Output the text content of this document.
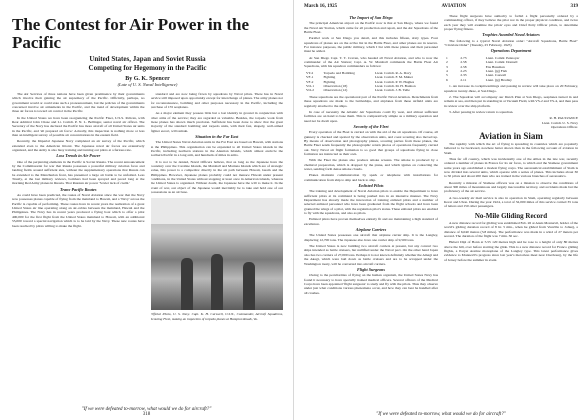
The Contest for Air Power in the Pacific
United States, Japan and Soviet Russia
Competing for Hegemony in the Pacific
By G. K. Spencer
(Late of U. S. Naval Intelligence)

The Air Services of three nations have been given prominence by their governments which involve their gaining the air supremacy of the Pacific. Officially, perhaps, no government would or could state such a pronouncement, but the policies of the governments concerned involve air armaments in the Pacific, and the trend of development within the three air forces is toward air control in the Pacific.

In the United States we have been reorganizing the Pacific Fleet, U.S.S. Pelican, with Rear Admiral John Chase and Lt. Comdr. P. N. L. Bellinger, senior naval air officer. The Secretary of the Navy has declared the Pacific has more aircraft of all United States air units in the Pacific, and 'all prepared air force.' Actually, this inspection is nothing more or less than an intelligent survey of possible air concentrations in the eastern field.

Recently, the Imperial Japanese Navy completed an air survey of the Pacific, which extended even to the American littoral. The Japanese naval air forces are extensively organized, and the Army is also busy training and turning out pilots at a furious rate.

Loss Trends in Air Power

One of the perplexing elements in the Pacific is Soviet Russia. The recent announcement by the Commissariat for war that Russia possesses a powerful military aviation force and landing fields around sufficient size, without the supplementary operations that Russia can be extended to the Manchurian front, has presented a large air battle to be unfolded. Less Trustly, at the last military reviews, bombers had been sprayed and paced long at the morning Red Army planes in Russia. That Russian air power 'Soviet lack of credit.'

Trans-Pacific Routes

As could have been predicted, the routes of Naval Aviation since the war that the Navy now possesses planes capable of flying from the mainland to Hawaii, and a 'Navy' across the Pacific is capable of performing. These routes have in recent years the realization of a great United States air line operating along an air-cables between the mainland, Hawaii and the Philippines. The Navy has in recent years produced a flying boat which to offer a pilot 400,000 for the first flight from the United States mainland to Hawaii, with an additional 55,000 toward a special navigation which is to be laid by the Navy. These new routes have been reached by pilots willing to make the flight.

standard and are now being flown by squadrons by Naval pilots. There has in Naval service still imposed upon opportunity except for interchange of planes. The army planes not for reconnaissance, bombing and other purposes necessary in the Pacific, including the purchase of 155 seaplanes.

As a major element they possess little but a lost identity in ground in conjunction with other arms of the service; they are regarded as valuable. Besides, the torpedo work from these planes has shown much precision. Sufficient has been done to show that the great majority of the standard bombing and torpedo units, with their fast, shapely, well-armed fighter escort, will remain.

Situation in the Far East

The United States Naval Aviation units in the Far East are based on Hawaii, with stations in the Philippines. This organization can be expanded to all United States islands in the Pacific, including northern stations in the Aleutian Islands, which almost encircle the northern Pacific in a long arm, and hundreds of miles in arms.

It is not to be denied, Naval Officers believe, that as long as the Japanese have the boundary over the Caroline Islands, the Marshall and Mariana Islands which are of strategic value, this power is a competitor directly in the air path between Hawaii, Guam and the Philippines. However, Japanese planes probably could not menace Hawaii under present conditions, in the United States without stopping at least once in American islands, whereas the United States is organized. Without doubt, the Japanese have the will to make it. In the event of war, our object of the Japanese would inevitably be to take and hold one of our possessions as an air base.

Official Photo, U. S. Navy. Capt. K. H. Carswell, U.S.N., Commander, Aircraft Squadrons, Scouting Fleet, making an inspection of torpedo planes at Hampton Roads, Va.
"If we were defeated to-morrow, what would we do for aircraft?"
318
March 16, 1925	AVIATION	319
The Import of San Diego

The principal American airport on the Pacific now is that at San Diego, where we found the Naval Air Station, which came for all production and repair, and the Air Squadrons of the Battle Fleet.

Parallel work at San Diego you detail, and this includes fifteen, sixty types. Four squadrons of planes are on the active list in the Battle Fleet, and other planes are in reserve. For instance purposes, the public military, which I list with these planes and their personnel must be added.

At San Diego Capt. T. T. Craven, who headed all Naval Aviation, and who is now the commander of the Air Station; Capt. A. W. Marshall commands the Battle Fleet Air Squadrons, with his squadron commanders as follows:

VT-2	Torpedo and Bombing	Lieut. Comdr. R. A. Davy
VF-1	Fighting	Lieut. Comdr. F. M. Maher
VF-2	Fighting	Lieut. Comdr. P. W. Hughes
VO-1	Observation (18)	Lieut. Comdr. M. H. Bonhon
VO-2	Observation (12)	Lieut. Comdr. J. B. Tulle

These squadrons are the operational part of the Pacific Naval Aviation. Detachments from these squadrons are made to the battleships, and airplanes from these airfield units are regularly attached to the ships.

In case of necessity the Atlantic Air Squadrons could fly west, and almost sufficient facilities are on hand to base them. This is comparatively simple as a military operation and need not be dwelt upon.

Security of the Fleet

Every operation of the Fleet is carried on with the aid of the air squadrons. Of course, all gunnery is checked and spotted by the observation units, and coast scouting also moved up. By means of observation and photography planes, scouting parties from these planes, the Battle Fleet sends frequently the photographic return photos of operations frequently carried out. Navy Naval air flight formation is so good that groups of squadrons flying in close formation are instructed as their own.

With the Fleet the planes also produce smoke screens. The smoke is produced by a chemical preparation, which is dropped by the plane, and which ignites on contacting the water, sending forth dense smoke clouds.

Planes maintain communication by spark or telephone with installations for communication from ship to ship and back to ship.

Enlisted Pilots

The training and development of Naval Aviation pilots to enable the Department to have sufficient pilots at its command is being pushed into in an intensive manner. The Navy Department has already made the innovation of training enlisted pilots and a number of selected enlisted personnel who have been graduated from the flight schools and have been granted the wings of a pilot, with the regulation pilot's status. These enlisted pilots are enabled to fly with the squadrons, and also as pilots.

Enlisted pilots have proven themselves entirely fit and are maintaining a high standard of excellence.

Airplane Carriers

The United States possesses one aircraft that airplane carrier ship. It is the Langley, displacing 12,700 tons. The Japanese also have one carrier ship of 9,500 tons.

The United States is now building two aircraft carriers at present, but any convert two ships intended as battle cruisers, but nullified under the Naval pact. On the other hand Japan also has two carriers of 27,000 tons. Perhaps it is not known definitely whether the Amagi and the Akagi, which were laid down as battle cruisers and are to be scrapped under the Washington treaty, will be converted into aircraft carriers.

Flight Surgeons

Owing to the peculiarities of flying on the human organism, the United States Navy has found it necessary to have specially trained medical officers. Several officers of the Medical Corps have been appointed 'flight surgeons' to study and fly with the pilots. Thus they observe under just what conditions various phenomena occur, and how they can best be handled after all crashes.

These flight surgeons have authority to forbid a flight personally ordered by a commanding officer, if they believe the pilot not in the proper physical condition, and twice each year they will examine the pilots' eyes and Chief Petty Officer pilots, to determine proper flying fitness.

Trophies Awarded Naval Aviators

The following is a typical Naval Aviation order: "Aircraft Squadrons, Battle Fleet" "Circulate Order" (Tuesday, 25 February, 1925)

Operations Department
1	2.73	Lieut. Comdr. Pennoyer
2	2.58	Lieut. Comdr. Donnell
3	2.58	Ens Hassman
4	2.23	Lieut. (jg) Fish
5	2.33	Lieut. Caswell
6	2.11	Lieut. (jg) Bradley

1. An increase in cockpitwarmings and passing in review will take place on 20 February, squadron twenty-three, at San Diego.

2. The Squadron will accompany our Dutch Plan at San Diego, seaplanes turned in and remain at sea, and then put in standing in at Vacuum Field, with VS-2 and VS-4, and then pass in review over the ship platform.

3. After passing in review return to squadron.

R. H. PAULVANCE
Lieut. Comdr. U. S. Navy
Operations Officer.
Aviation in Siam

The rapidity with which the art of flying is spreading in countries which are popularly believed to be backward, nowhere better shown than in the following account of aviation in Siam.

Thus far off country, which was incidentally one of the Allies in the late war, recently ordered a number of planes in France for its air force, to which end the Siamese government some years ago established a modest flying corps. The aeronautical establishment of Siam is now divided into several units, which operate with a series of planes. This includes about 30 to 50 pilots and about 200 men who are trained in the various branches of aeronautics.

Recently a mission of Siamese officers was on a mission to observe the conditions of about 300 miles of mountainous and largely inaccessible territory, and accidents made but the proficiency of the air service.

A two-weekly air mail service is also in operation in Siam, operating regularly between Korat and Ubon. During the year 1924, a total of 32,000 miles of this service carried 35 tons of letters and 150 other passengers.

No-Mile Gliding Record

A new distance record for gliding was established Feb. 26 at Ansis Monnevil, holder of the world's gliding duration record of 8 hr. 5 min., when he glided from Vauville to Joburg, a distance of 6,040 metres (3.8 miles). The performance was made in a wind of 27 meters per second. The duration of the flight was 7 min. 30 sec.

Hubert Dipl of Bonn at 5.55 120 metres high and he rose to a height of only 80 metres above the hill, over before starting the glide. This is a new distance record for Franco gliding flights, a Paryet Aretine monoplane of the Langley type. This latest performance gives evidence to Monnevil's progress since last year's motorless meet near Cherbourg, by the life of Jersey before the summer in event.

"If we were defeated to-morrow, what would we do for aircraft?"
